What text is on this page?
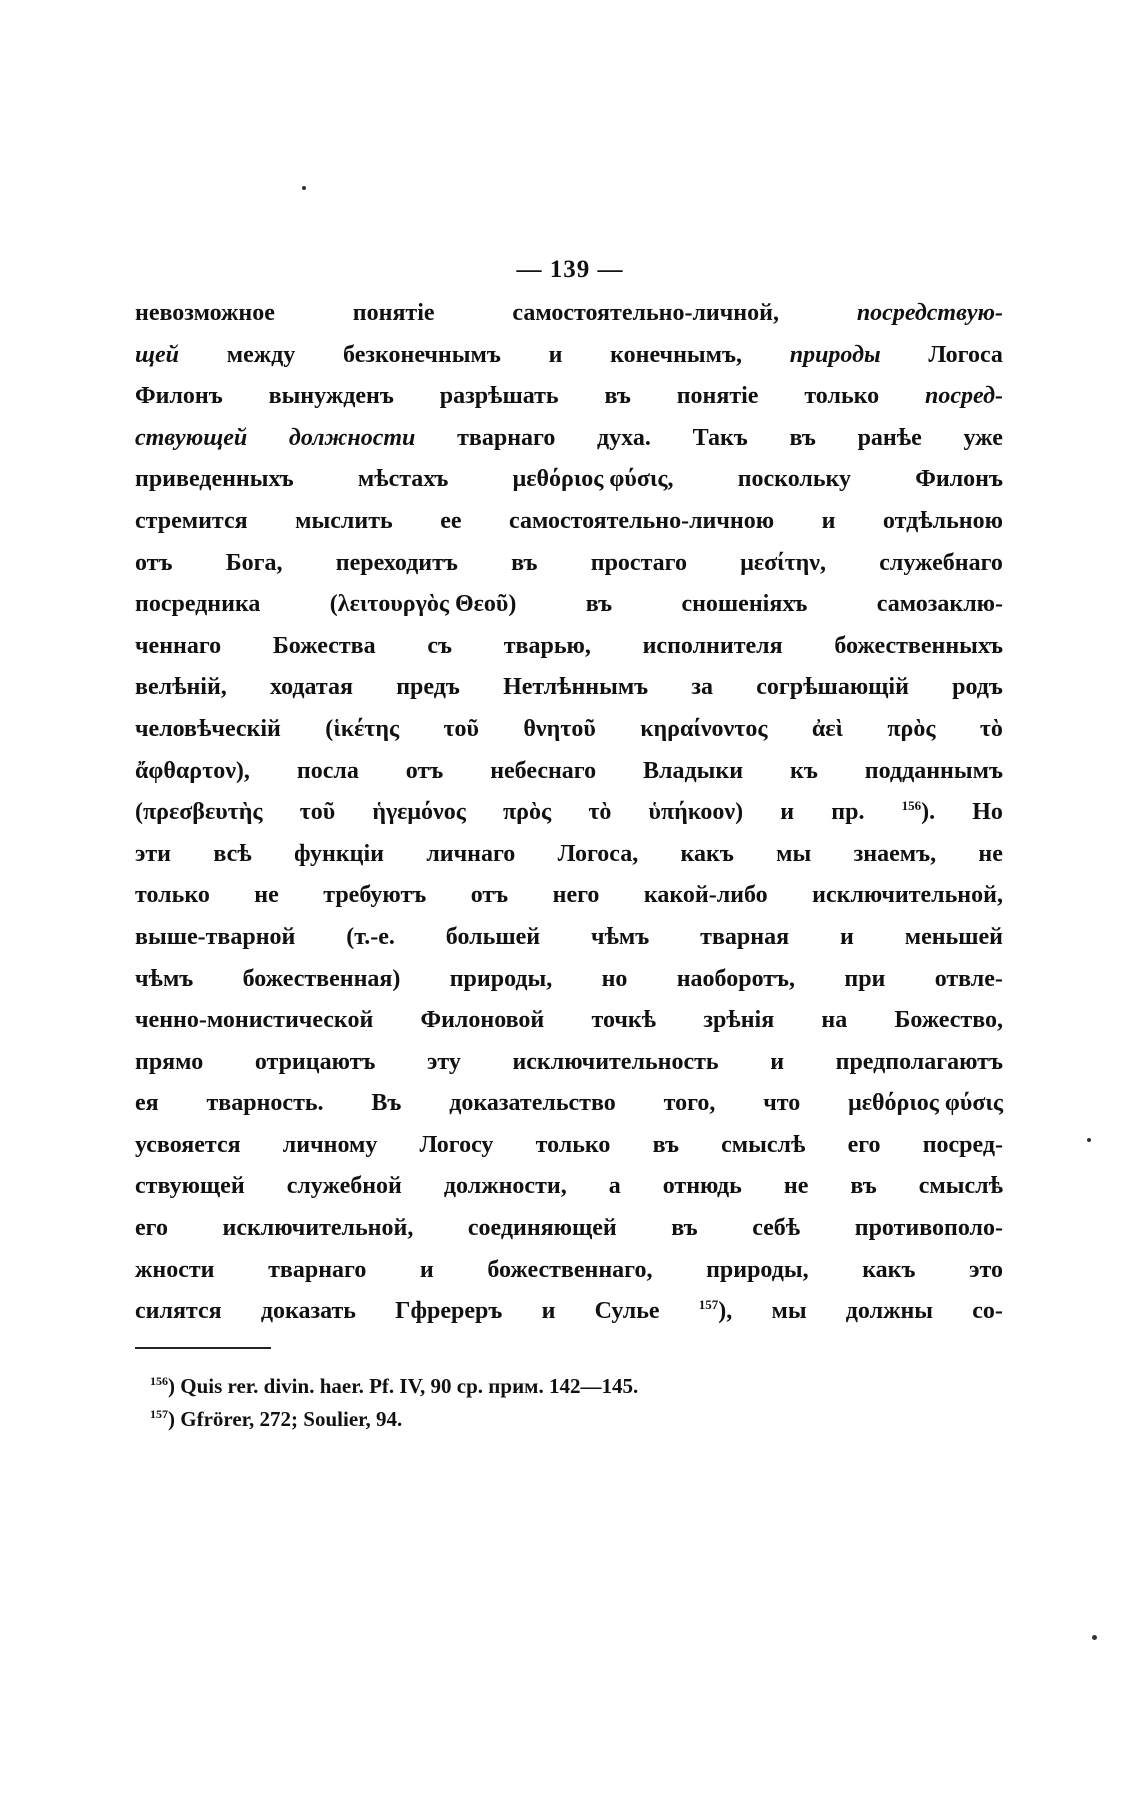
— 139 —
невозможное	понятіе	самостоятельно-личной,	посредствую-
щей между безконечнымъ и конечнымъ, природы Логоса
Филонъ вынужденъ разрѣшать въ понятіе только посред-
ствующей должности тварнаго духа. Такъ въ ранѣе уже
приведенныхъ	мѣстахъ	μεθόριος φύσις,	поскольку	Филонъ
стремится мыслить ее самостоятельно-личною и отдѣльною
отъ Бога, переходитъ въ простаго μεσίτην, служебнаго
посредника	(λειτουργὸς Θεοῦ)	въ	сношеніяхъ	самозаклю-
ченнаго Божества съ тварью, исполнителя божественныхъ
велѣній, ходатая предъ Нетлѣннымъ за согрѣшающій родъ
человѣческій (ἱκέτης τοῦ θνητοῦ κηραίνοντος ἀεὶ πρὸς τὸ
ἄφθαρτον), посла отъ небеснаго Владыки къ подданнымъ
(πρεσβευτὴς τοῦ ἡγεμόνος πρὸς τὸ ὑπήκοον) и пр.	$^{156}$). Но
эти всѣ функціи личнаго Логоса, какъ мы знаемъ, не
только не требуютъ отъ него какой-либо исключительной,
выше-тварной (т.-е. большей чѣмъ тварная и меньшей
чѣмъ божественная) природы, но наоборотъ, при отвле-
ченно-монистической Филоновой точкѣ зрѣнія на Божество,
прямо отрицаютъ эту исключительность и предполагаютъ
ея тварность. Въ доказательство того, что μεθόριος φύσις
усвояется личному Логосу только въ смыслѣ его посред-
ствующей служебной должности, а отнюдь не въ смыслѣ
его исключительной, соединяющей въ себѣ противополо-
жности тварнаго и божественнаго, природы, какъ это
силятся доказать Гфререръ и Сулье	$^{157}$), мы должны со-
$^{156}$) Quis rer. divin. haer. Pf. IV, 90 ср. прим. 142—145.
$^{157}$) Gfrörer, 272; Soulier, 94.
